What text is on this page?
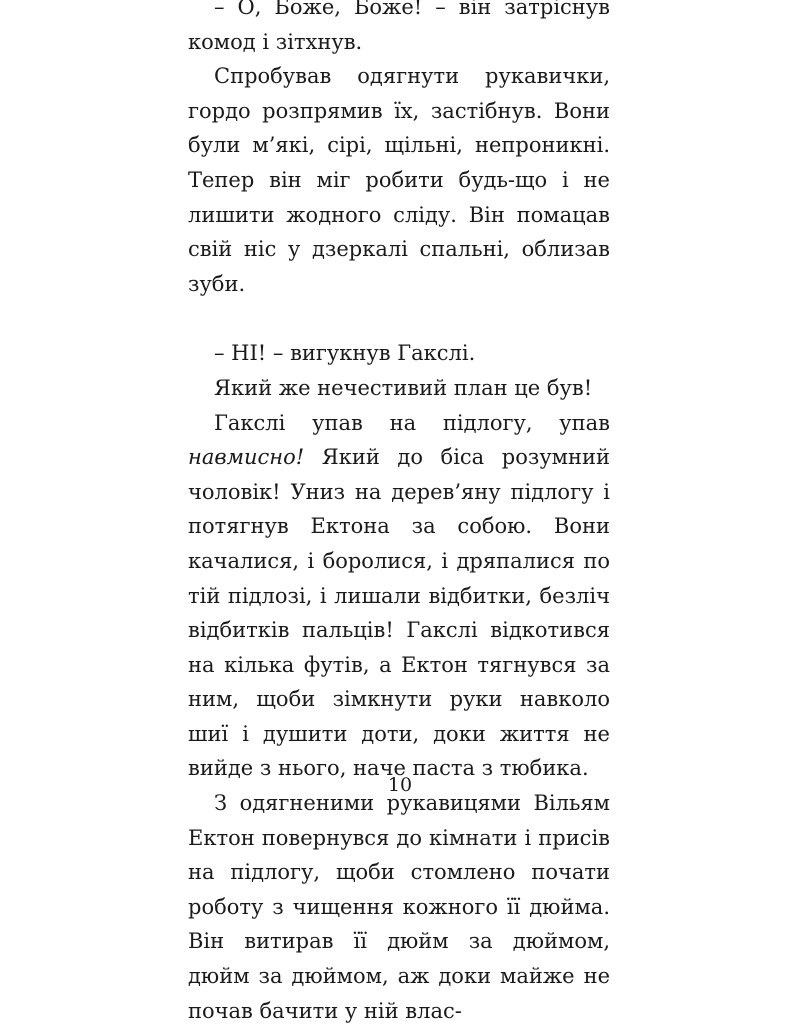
– О, Боже, Боже! – він затріснув комод і зітхнув.

Спробував одягнути рукавички, гордо розпрямив їх, застібнув. Вони були м’які, сірі, щільні, непроникні. Тепер він міг робити будь-що і не лишити жодного сліду. Він помацав свій ніс у дзеркалі спальні, облизав зуби.

– НІ! – вигукнув Гакслі.

Який же нечестивий план це був!

Гакслі упав на підлогу, упав навмисно! Який до біса розумний чоловік! Униз на дерев’яну підлогу і потягнув Ектона за собою. Вони качалися, і боролися, і дряпалися по тій підлозі, і лишали відбитки, безліч відбитків пальців! Гакслі відкотився на кілька футів, а Ектон тягнувся за ним, щоби зімкнути руки навколо шиї і душити доти, доки життя не вийде з нього, наче паста з тюбика.

З одягненими рукавицями Вільям Ектон повернувся до кімнати і присів на підлогу, щоби стомлено почати роботу з чищення кожного її дюйма. Він витирав її дюйм за дюймом, дюйм за дюймом, аж доки майже не почав бачити у ній влас-

10
